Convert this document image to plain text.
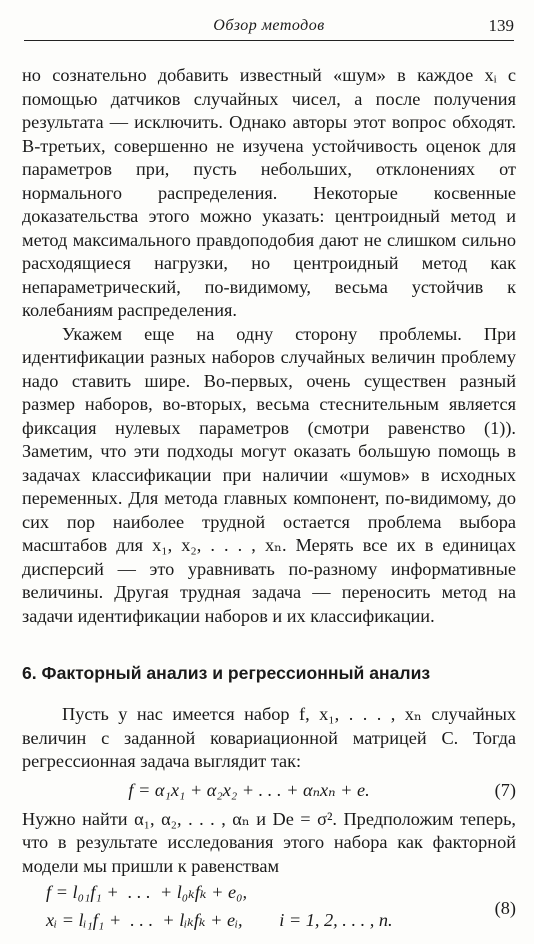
Обзор методов	139

но сознательно добавить известный «шум» в каждое xᵢ с помощью датчиков случайных чисел, а после получения результата — исключить. Однако авторы этот вопрос обходят. В-третьих, совершенно не изучена устойчивость оценок для параметров при, пусть небольших, отклонениях от нормального распределения. Некоторые косвенные доказательства этого можно указать: центроидный метод и метод максимального правдоподобия дают не слишком сильно расходящиеся нагрузки, но центроидный метод как непараметрический, по-видимому, весьма устойчив к колебаниям распределения.

Укажем еще на одну сторону проблемы. При идентификации разных наборов случайных величин проблему надо ставить шире. Во-первых, очень существен разный размер наборов, во-вторых, весьма стеснительным является фиксация нулевых параметров (смотри равенство (1)). Заметим, что эти подходы могут оказать большую помощь в задачах классификации при наличии «шумов» в исходных переменных. Для метода главных компонент, по-видимому, до сих пор наиболее трудной остается проблема выбора масштабов для x₁, x₂, . . . , xₙ. Мерять все их в единицах дисперсий — это уравнивать по-разному информативные величины. Другая трудная задача — переносить метод на задачи идентификации наборов и их классификации.

6. Факторный анализ и регрессионный анализ

Пусть у нас имеется набор f, x₁, . . . , xₙ случайных величин с заданной ковариационной матрицей C. Тогда регрессионная задача выглядит так:

f = α₁x₁ + α₂x₂ + . . . + αₙxₙ + e.	(7)

Нужно найти α₁, α₂, . . . , αₙ и De = σ². Предположим теперь, что в результате исследования этого набора как факторной модели мы пришли к равенствам

f = l₀₁f₁ +  . . .  + l₀ₖfₖ + e₀,
xᵢ = lᵢ₁f₁ +  . . .  + lᵢₖfₖ + eᵢ,        i = 1, 2, . . . , n.
(8)
